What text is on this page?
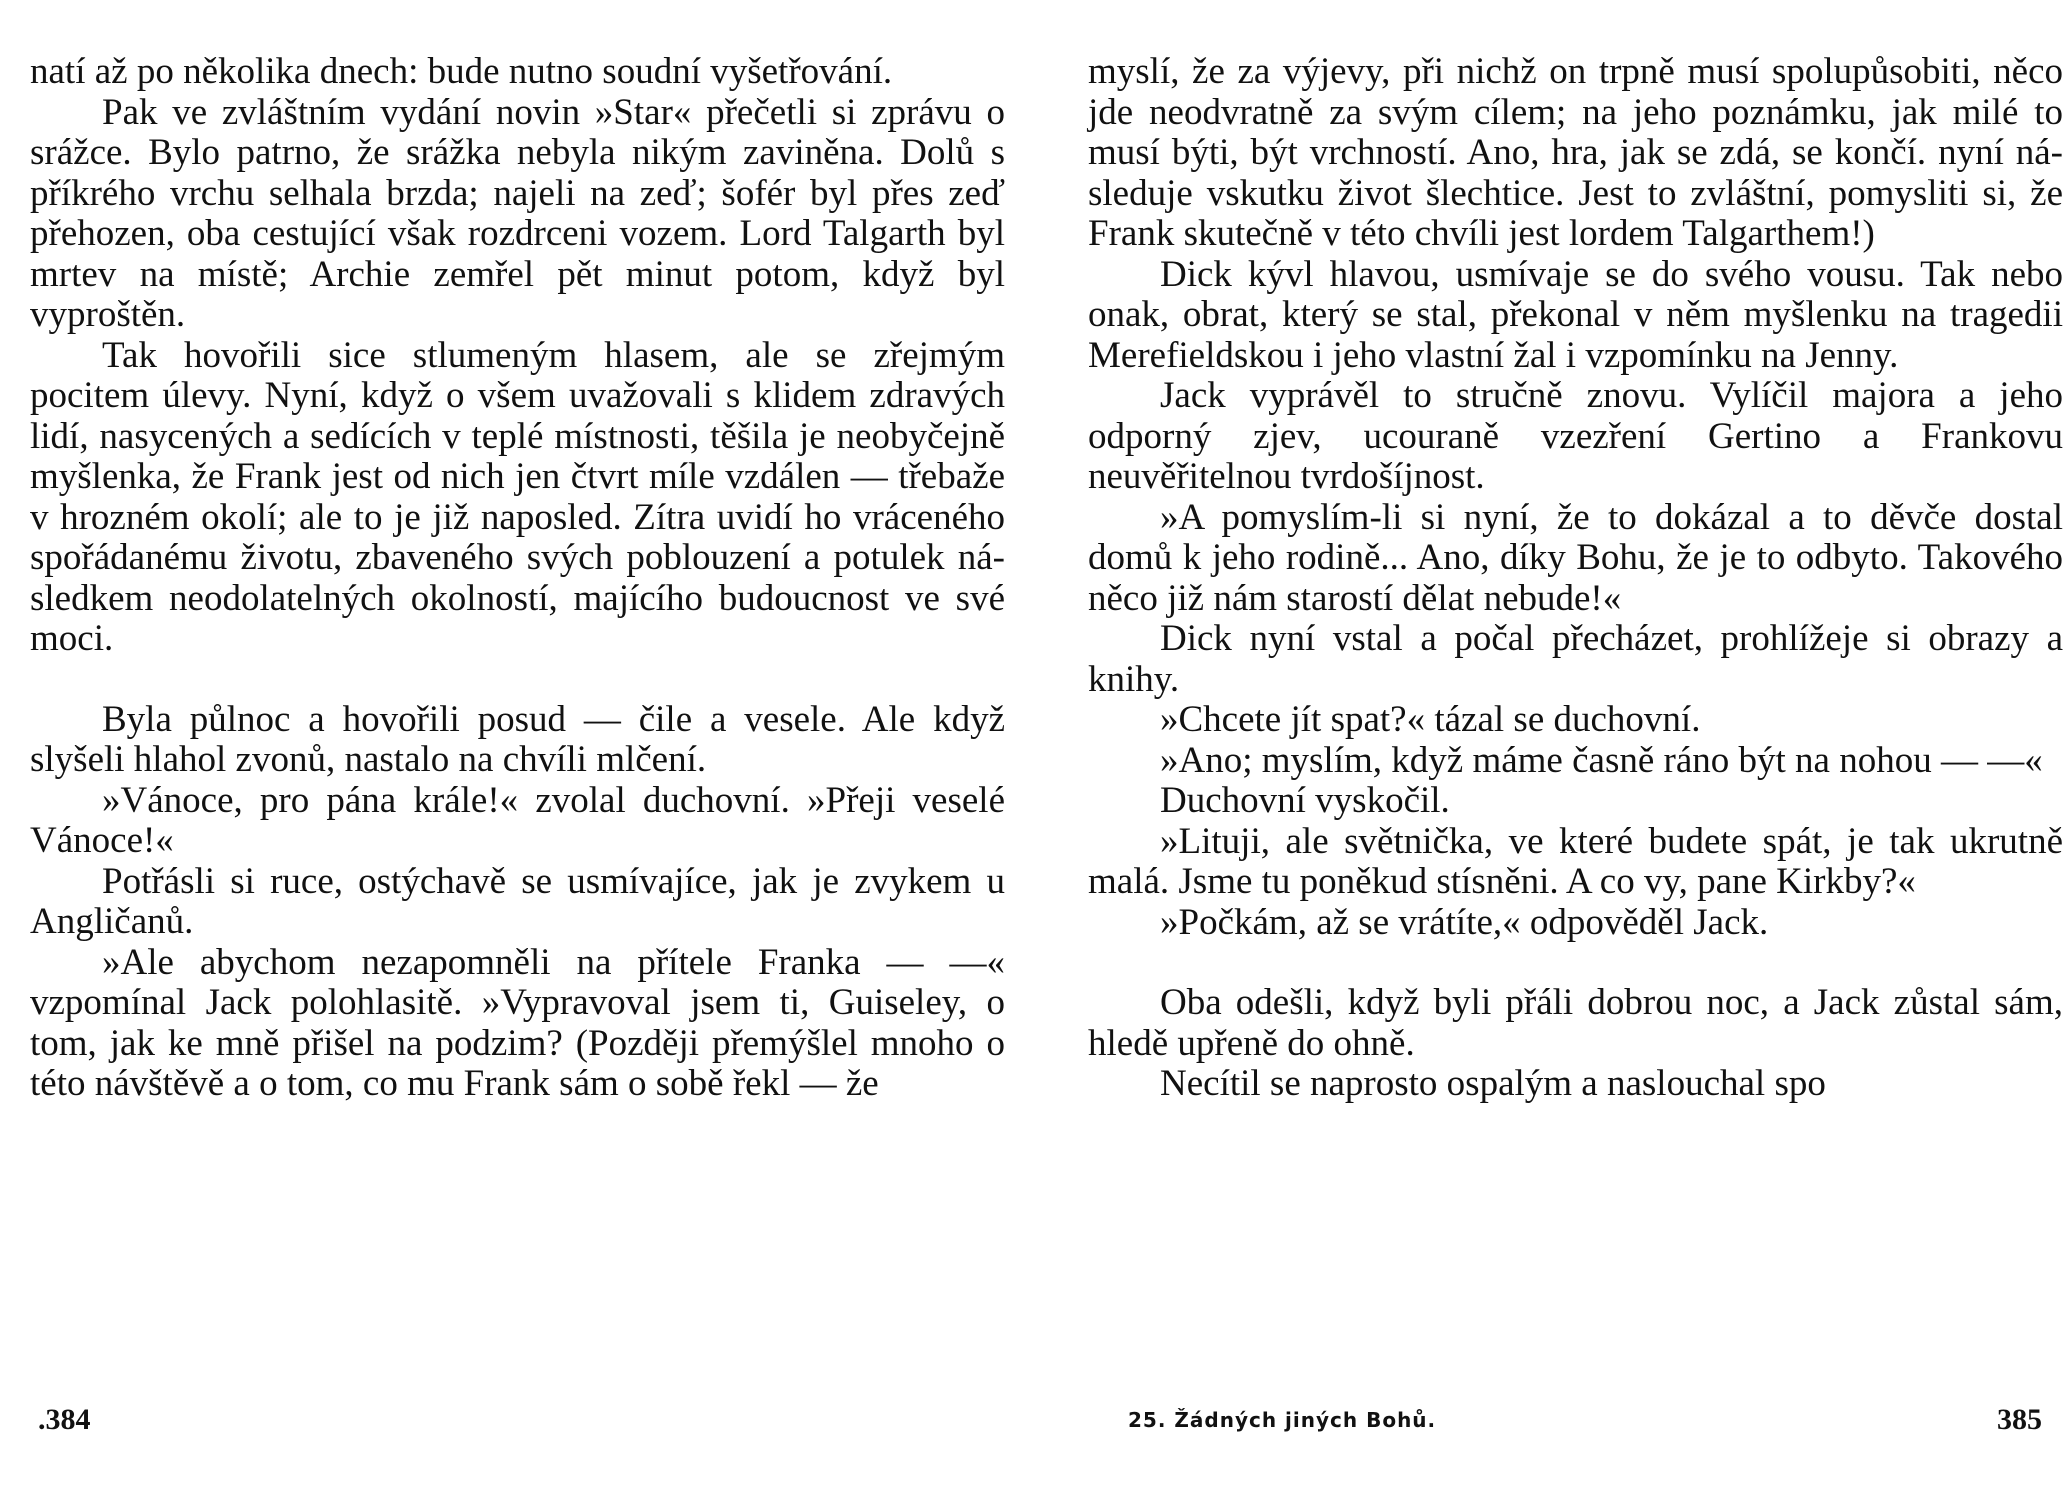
natí až po několika dnech: bude nutno soudní vyšetřování.

Pak ve zvláštním vydání novin »Star« přečetli si zprávu o srážce. Bylo patrno, že srážka nebyla nikým zaviněna. Dolů s příkrého vrchu selhala brzda; najeli na zeď; šofér byl přes zeď přehozen, oba cestující však rozdrceni vozem. Lord Talgarth byl mrtev na místě; Archie zemřel pět minut potom, když byl vyproštěn.

Tak hovořili sice stlumeným hlasem, ale se zřejmým pocitem úlevy. Nyní, když o všem uvažovali s klidem zdravých lidí, nasycených a sedících v teplé místnosti, těšila je neobyčejně myšlenka, že Frank jest od nich jen čtvrt míle vzdálen — třebaže v hrozném okolí; ale to je již naposled. Zítra uvidí ho vráceného spořádanému životu, zbaveného svých poblouzení a potulek následkem neodolatelných okolností, majícího budoucnost ve své moci.

Byla půlnoc a hovořili posud — čile a vesele. Ale když slyšeli hlahol zvonů, nastalo na chvíli mlčení.

»Vánoce, pro pána krále!« zvolal duchovní. »Přeji veselé Vánoce!«

Potřásli si ruce, ostýchavě se usmívajíce, jak je zvykem u Angličanů.

»Ale abychom nezapomněli na přítele Franka — —« vzpomínal Jack polohlasitě. »Vypravoval jsem ti, Guiseley, o tom, jak ke mně přišel na podzim? (Později přemýšlel mnoho o této návštěvě a o tom, co mu Frank sám o sobě řekl — že

.384

myslí, že za výjevy, při nichž on trpně musí spolupůsobiti, něco jde neodvratně za svým cílem; na jeho poznámku, jak milé to musí býti, být vrchností. Ano, hra, jak se zdá, se končí. nyní následuje vskutku život šlechtice. Jest to zvláštní, pomysliti si, že Frank skutečně v této chvíli jest lordem Talgarthem!)

Dick kývl hlavou, usmívaje se do svého vousu. Tak nebo onak, obrat, který se stal, překonal v něm myšlenku na tragedii Merefieldskou i jeho vlastní žal i vzpomínku na Jenny.

Jack vyprávěl to stručně znovu. Vylíčil majora a jeho odporný zjev, ucouraně vzezření Gertino a Frankovu neuvěřitelnou tvrdošíjnost.

»A pomyslím-li si nyní, že to dokázal a to děvče dostal domů k jeho rodině... Ano, díky Bohu, že je to odbyto. Takového něco již nám starostí dělat nebude!«

Dick nyní vstal a počal přecházet, prohlížeje si obrazy a knihy.

»Chcete jít spat?« tázal se duchovní.

»Ano; myslím, když máme časně ráno být na nohou — —«

Duchovní vyskočil.

»Lituji, ale světnička, ve které budete spát, je tak ukrutně malá. Jsme tu poněkud stísněni. A co vy, pane Kirkby?«

»Počkám, až se vrátíte,« odpověděl Jack.

Oba odešli, když byli přáli dobrou noc, a Jack zůstal sám, hledě upřeně do ohně.

Necítil se naprosto ospalým a naslouchal spo

25. Žádných jiných Bohů.	385
